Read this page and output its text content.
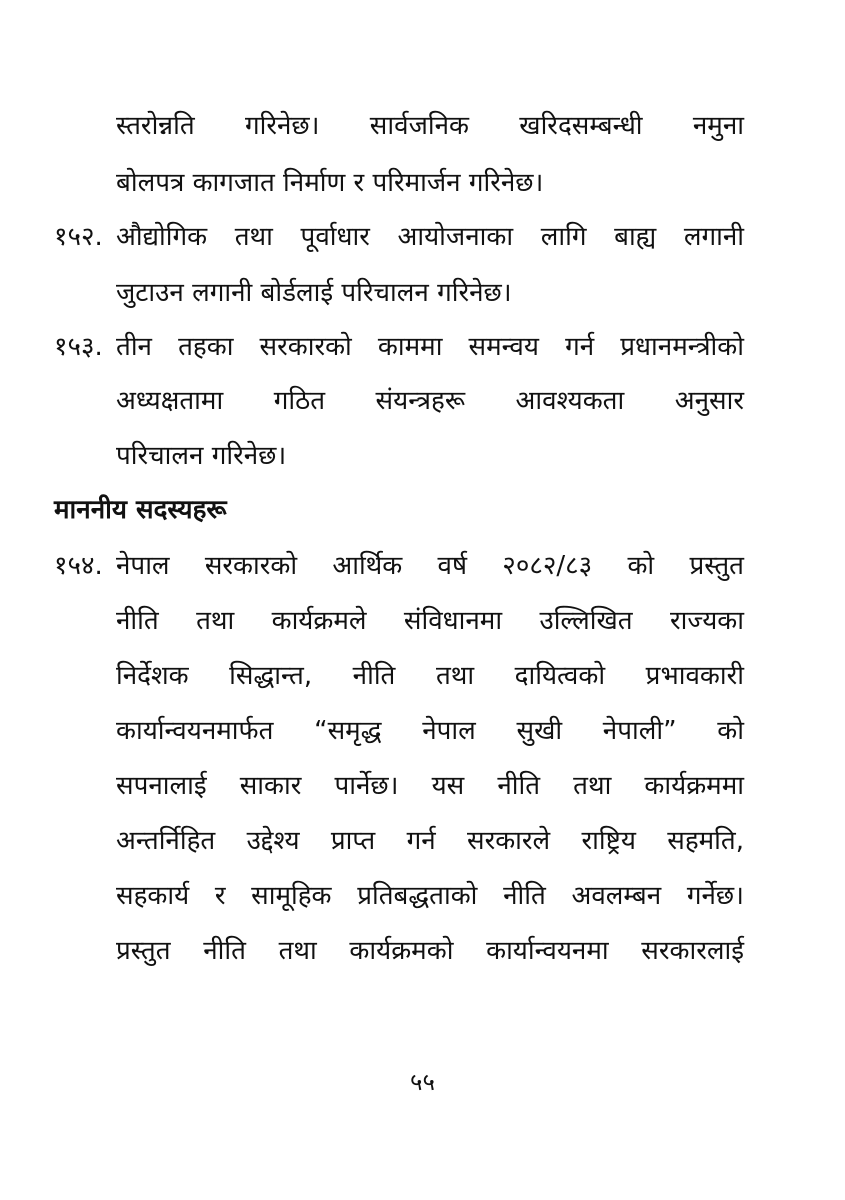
स्तरोन्नति गरिनेछ। सार्वजनिक खरिदसम्बन्धी नमुना
बोलपत्र कागजात निर्माण र परिमार्जन गरिनेछ।
१५२. औद्योगिक तथा पूर्वाधार आयोजनाका लागि बाह्य लगानी
जुटाउन लगानी बोर्डलाई परिचालन गरिनेछ।
१५३. तीन तहका सरकारको काममा समन्वय गर्न प्रधानमन्त्रीको
अध्यक्षतामा गठित संयन्त्रहरू आवश्यकता अनुसार
परिचालन गरिनेछ।
माननीय सदस्यहरू
१५४. नेपाल सरकारको आर्थिक वर्ष २०८२/८३ को प्रस्तुत
नीति तथा कार्यक्रमले संविधानमा उल्लिखित राज्यका
निर्देशक सिद्धान्त, नीति तथा दायित्वको प्रभावकारी
कार्यान्वयनमार्फत “समृद्ध नेपाल सुखी नेपाली” को
सपनालाई साकार पार्नेछ। यस नीति तथा कार्यक्रममा
अन्तर्निहित उद्देश्य प्राप्त गर्न सरकारले राष्ट्रिय सहमति,
सहकार्य र सामूहिक प्रतिबद्धताको नीति अवलम्बन गर्नेछ।
प्रस्तुत नीति तथा कार्यक्रमको कार्यान्वयनमा सरकारलाई
५५
